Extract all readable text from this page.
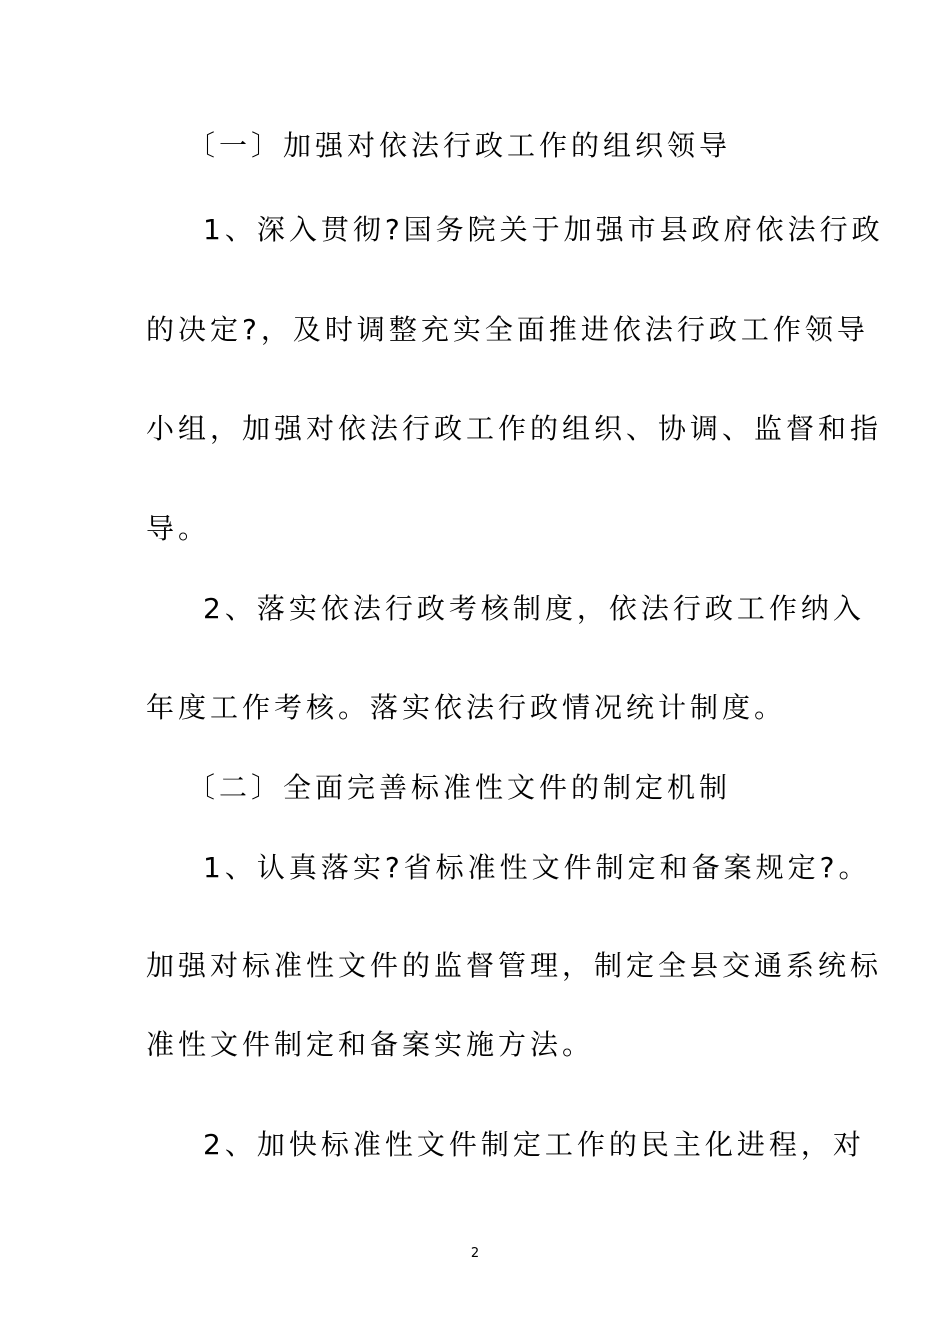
〔一〕加强对依法行政工作的组织领导
1、深入贯彻?国务院关于加强市县政府依法行政
的决定?，及时调整充实全面推进依法行政工作领导
小组，加强对依法行政工作的组织、协调、监督和指
导。
2、落实依法行政考核制度，依法行政工作纳入
年度工作考核。落实依法行政情况统计制度。
〔二〕全面完善标准性文件的制定机制
1、认真落实?省标准性文件制定和备案规定?。
加强对标准性文件的监督管理，制定全县交通系统标
准性文件制定和备案实施方法。
2、加快标准性文件制定工作的民主化进程，对
2
